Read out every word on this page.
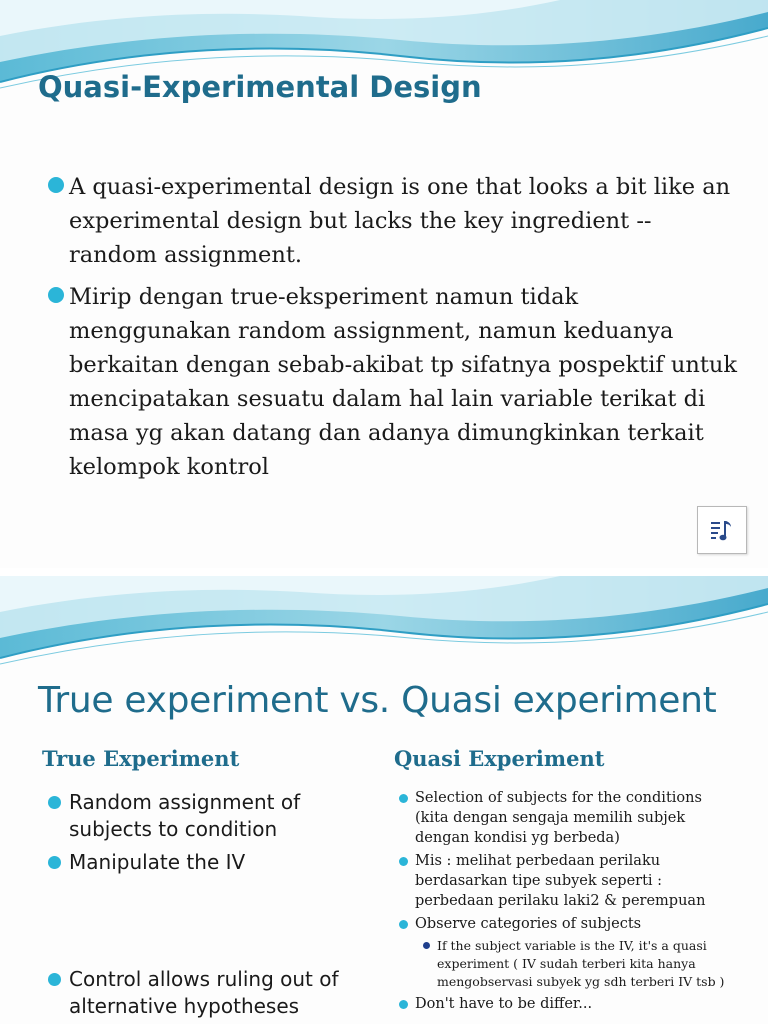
Quasi-Experimental Design
A quasi-experimental design is one that looks a bit like an experimental design but lacks the key ingredient -- random assignment.
Mirip dengan true-eksperiment namun tidak menggunakan random assignment, namun keduanya berkaitan dengan sebab-akibat tp sifatnya pospektif untuk mencipatakan sesuatu dalam hal lain variable terikat di masa yg akan datang dan adanya dimungkinkan terkait kelompok kontrol
True experiment vs. Quasi experiment
True Experiment	Quasi Experiment
Random assignment of subjects to condition
Manipulate the IV
Control allows ruling out of alternative hypotheses
Selection of subjects for the conditions (kita dengan sengaja memilih subjek dengan kondisi yg berbeda)
Mis : melihat perbedaan perilaku berdasarkan tipe subyek seperti : perbedaan perilaku laki2 & perempuan
Observe categories of subjects
If the subject variable is the IV, it's a quasi experiment ( IV sudah terberi kita hanya mengobservasi subyek yg sdh terberi IV tsb )
Don't have to be differ...
